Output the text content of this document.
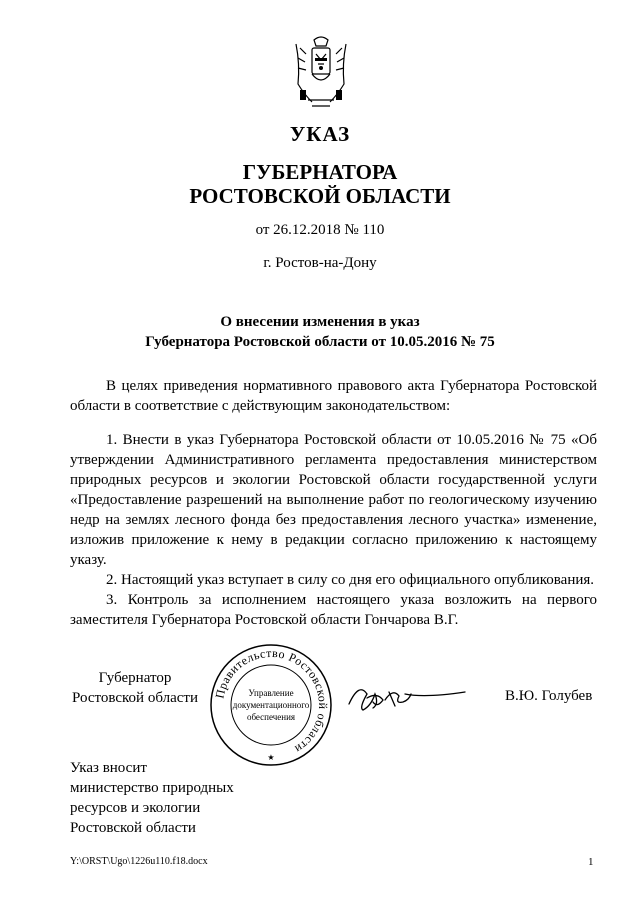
УКАЗ
ГУБЕРНАТОРА
РОСТОВСКОЙ ОБЛАСТИ
от 26.12.2018 № 110
г. Ростов-на-Дону
О внесении изменения в указ
Губернатора Ростовской области от 10.05.2016 № 75

В целях приведения нормативного правового акта Губернатора Ростовской области в соответствие с действующим законодательством:

1. Внести в указ Губернатора Ростовской области от 10.05.2016 № 75 «Об утверждении Административного регламента предоставления министерством природных ресурсов и экологии Ростовской области государственной услуги «Предоставление разрешений на выполнение работ по геологическому изучению недр на землях лесного фонда без предоставления лесного участка» изменение, изложив приложение к нему в редакции согласно приложению к настоящему указу.

2. Настоящий указ вступает в силу со дня его официального опубликования.

3. Контроль за исполнением настоящего указа возложить на первого заместителя Губернатора Ростовской области Гончарова В.Г.

Губернатор
Ростовской области Правительство Ростовской области
Управление
документационного
обеспечения
★
В.Ю. Голубев
Указ вносит
министерство природных
ресурсов и экологии
Ростовской области
Y:\ORST\Ugo\1226u110.f18.docx	1
